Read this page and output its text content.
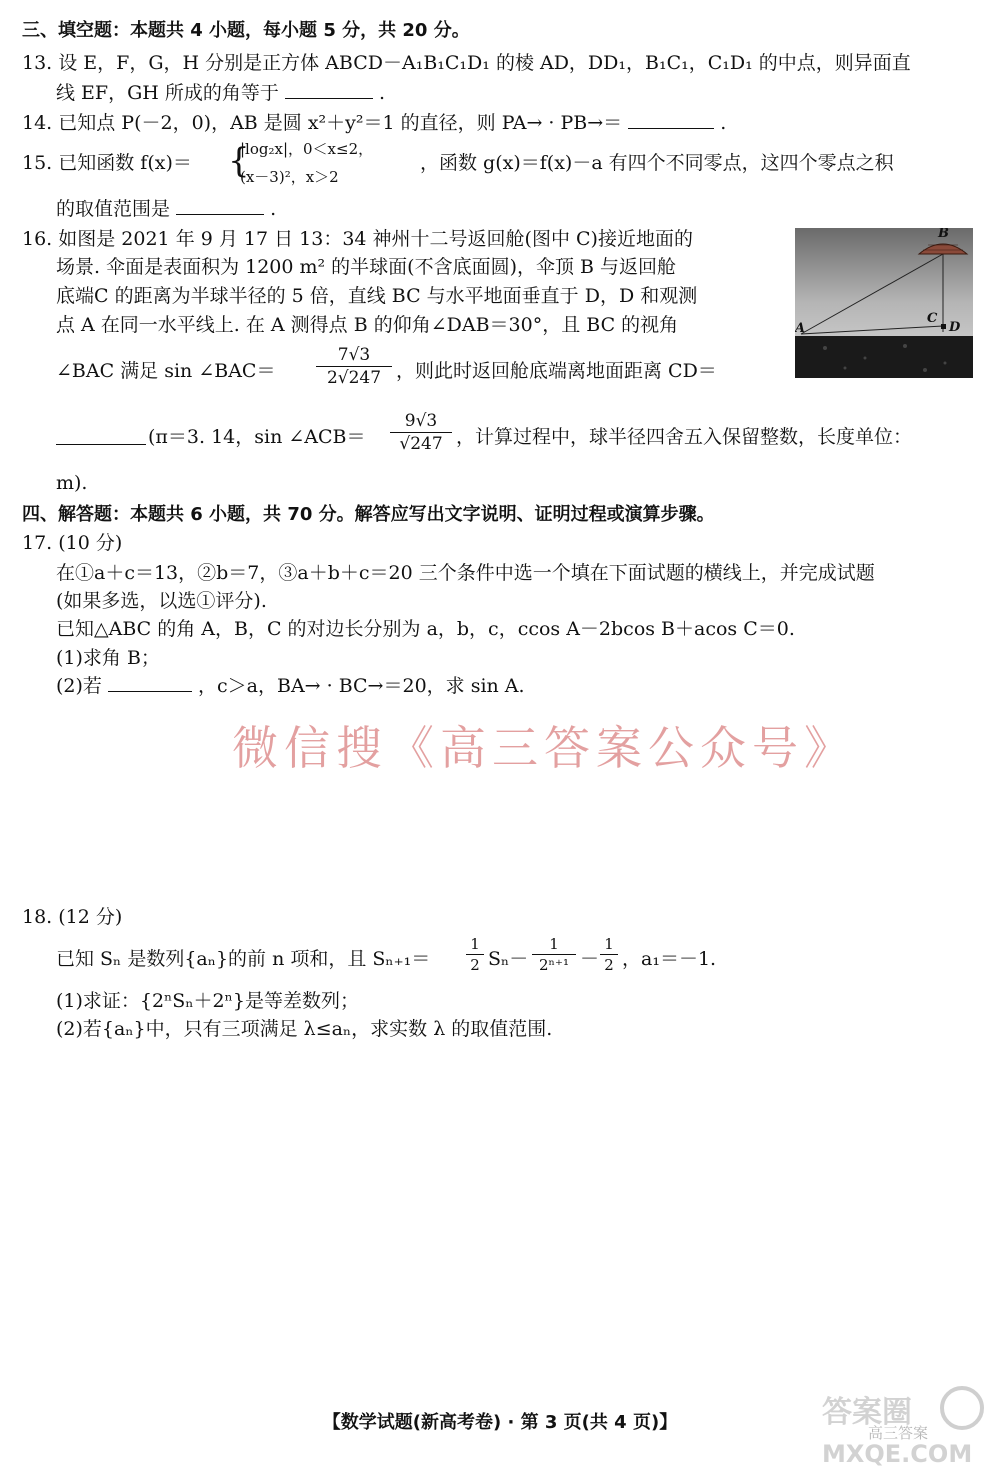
三、填空题：本题共 4 小题，每小题 5 分，共 20 分。
13. 设 E，F，G，H 分别是正方体 ABCD－A₁B₁C₁D₁ 的棱 AD，DD₁，B₁C₁，C₁D₁ 的中点，则异面直
线 EF，GH 所成的角等于	.
14. 已知点 P(－2，0)，AB 是圆 x²＋y²＝1 的直径，则 PA→ · PB→＝	.
15. 已知函数 f(x)＝ {
|log₂x|，0＜x≤2，
(x－3)²，x＞2
，函数 g(x)＝f(x)－a 有四个不同零点，这四个零点之积
的取值范围是	.
16. 如图是 2021 年 9 月 17 日 13：34 神州十二号返回舱(图中 C)接近地面的
场景. 伞面是表面积为 1200 m² 的半球面(不含底面圆)，伞顶 B 与返回舱
底端C 的距离为半球半径的 5 倍，直线 BC 与水平地面垂直于 D，D 和观测
点 A 在同一水平线上. 在 A 测得点 B 的仰角∠DAB＝30°，且 BC 的视角
∠BAC 满足 sin ∠BAC＝ $\frac{7√3}{2√247}$ ，则此时返回舱底端离地面距离 CD＝
(π＝3. 14，sin ∠ACB＝ $\frac{9√3}{√247}$ ，计算过程中，球半径四舍五入保留整数，长度单位：
m).
B
A
C
D
四、解答题：本题共 6 小题，共 70 分。解答应写出文字说明、证明过程或演算步骤。
17. (10 分)
在①a＋c＝13，②b＝7，③a＋b＋c＝20 三个条件中选一个填在下面试题的横线上，并完成试题
(如果多选，以选①评分).
已知△ABC 的角 A，B，C 的对边长分别为 a，b，c，ccos A－2bcos B＋acos C＝0.
(1)求角 B；
(2)若	，c＞a，BA→ · BC→＝20，求 sin A.
微信搜《高三答案公众号》
18. (12 分)
已知 Sₙ 是数列{aₙ}的前 n 项和，且 $S_{n+1}= \frac{1}{2} S_n- \frac{1}{\text{2ⁿ⁺¹}} - \frac{1}{2}$ ，a₁＝－1.
(1)求证：{2ⁿSₙ＋2ⁿ}是等差数列；
(2)若{aₙ}中，只有三项满足 λ≤aₙ，求实数 λ 的取值范围.
【数学试题(新高考卷) · 第 3 页(共 4 页)】	答案圈
高三答案
MXQE.COM
